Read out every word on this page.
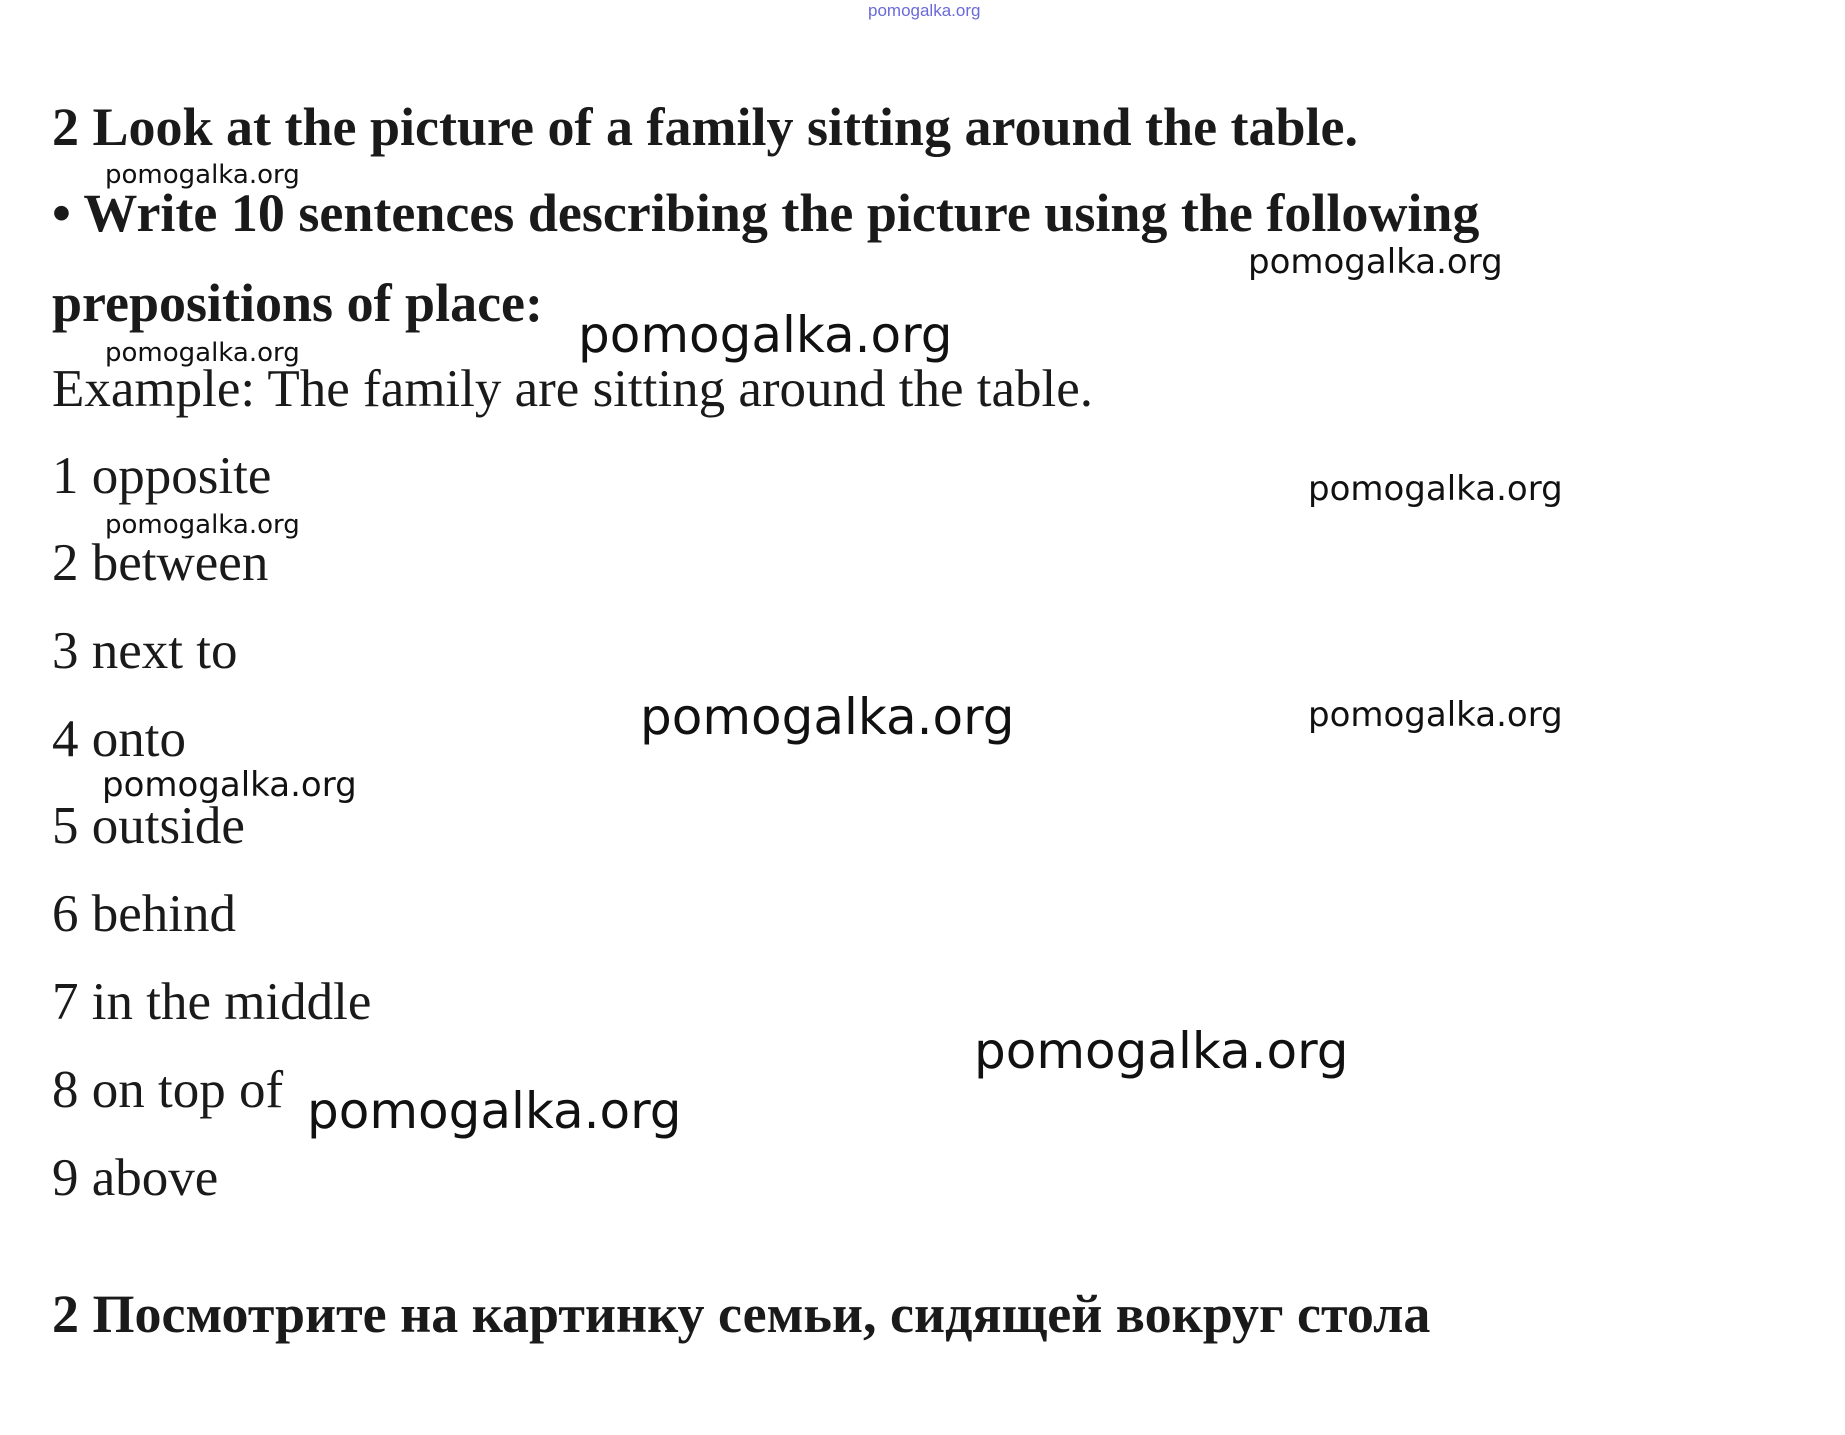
pomogalka.org
2 Look at the picture of a family sitting around the table.
• Write 10 sentences describing the picture using the following
prepositions of place:
Example: The family are sitting around the table.
1 opposite
2 between
3 next to
4 onto
5 outside
6 behind
7 in the middle
8 on top of
9 above
2 Посмотрите на картинку семьи, сидящей вокруг стола
pomogalka.org
pomogalka.org
pomogalka.org
pomogalka.org
pomogalka.org
pomogalka.org
pomogalka.org	pomogalka.org
pomogalka.org
pomogalka.org
pomogalka.org
